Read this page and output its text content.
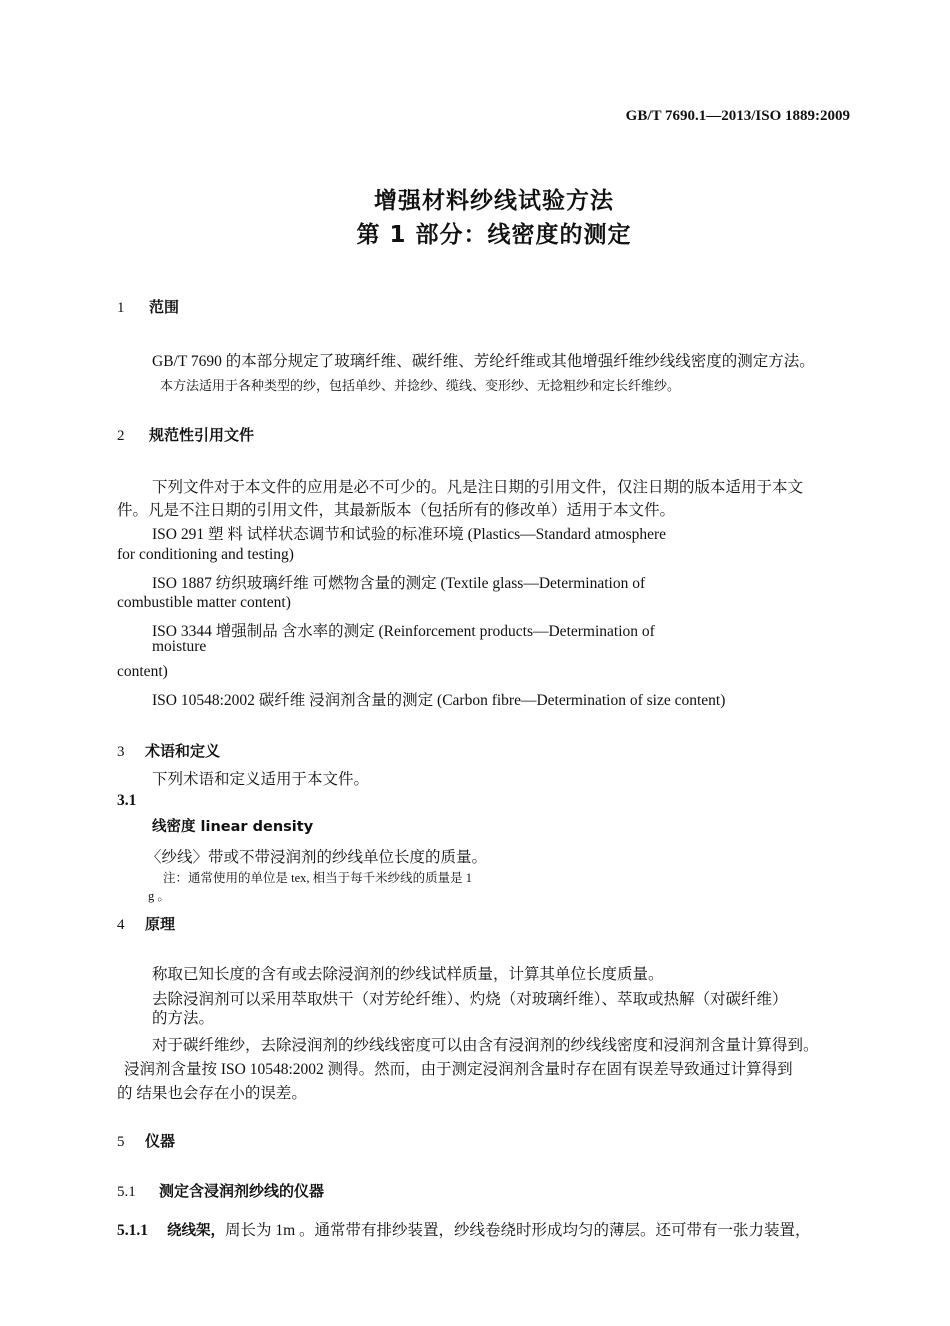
GB/T 7690.1—2013/ISO 1889:2009
增强材料纱线试验方法
第 1 部分：线密度的测定
1 范围
GB/T 7690 的本部分规定了玻璃纤维、碳纤维、芳纶纤维或其他增强纤维纱线线密度的测定方法。
本方法适用于各种类型的纱，包括单纱、并捻纱、缆线、变形纱、无捻粗纱和定长纤维纱。
2 规范性引用文件
下列文件对于本文件的应用是必不可少的。凡是注日期的引用文件，仅注日期的版本适用于本文
件。凡是不注日期的引用文件，其最新版本（包括所有的修改单）适用于本文件。
ISO 291 塑 料 试样状态调节和试验的标准环境 (Plastics—Standard atmosphere
for conditioning and testing)
ISO 1887 纺织玻璃纤维 可燃物含量的测定 (Textile glass—Determination of
combustible matter content)
ISO 3344 增强制品 含水率的测定 (Reinforcement products—Determination of
moisture
content)
ISO 10548:2002 碳纤维 浸润剂含量的测定 (Carbon fibre—Determination of size content)
3 术语和定义
下列术语和定义适用于本文件。
3.1
线密度 linear density
〈纱线〉带或不带浸润剂的纱线单位长度的质量。
注：通常使用的单位是 tex, 相当于每千米纱线的质量是 1
g 。
4 原理
称取已知长度的含有或去除浸润剂的纱线试样质量，计算其单位长度质量。
去除浸润剂可以采用萃取烘干（对芳纶纤维）、灼烧（对玻璃纤维）、萃取或热解（对碳纤维）
的方法。
对于碳纤维纱，去除浸润剂的纱线线密度可以由含有浸润剂的纱线线密度和浸润剂含量计算得到。
浸润剂含量按 ISO 10548:2002 测得。然而，由于测定浸润剂含量时存在固有误差导致通过计算得到
的 结果也会存在小的误差。
5 仪器
5.1 测定含浸润剂纱线的仪器
5.1.1 绕线架，周长为 1m 。通常带有排纱装置，纱线卷绕时形成均匀的薄层。还可带有一张力装置，
